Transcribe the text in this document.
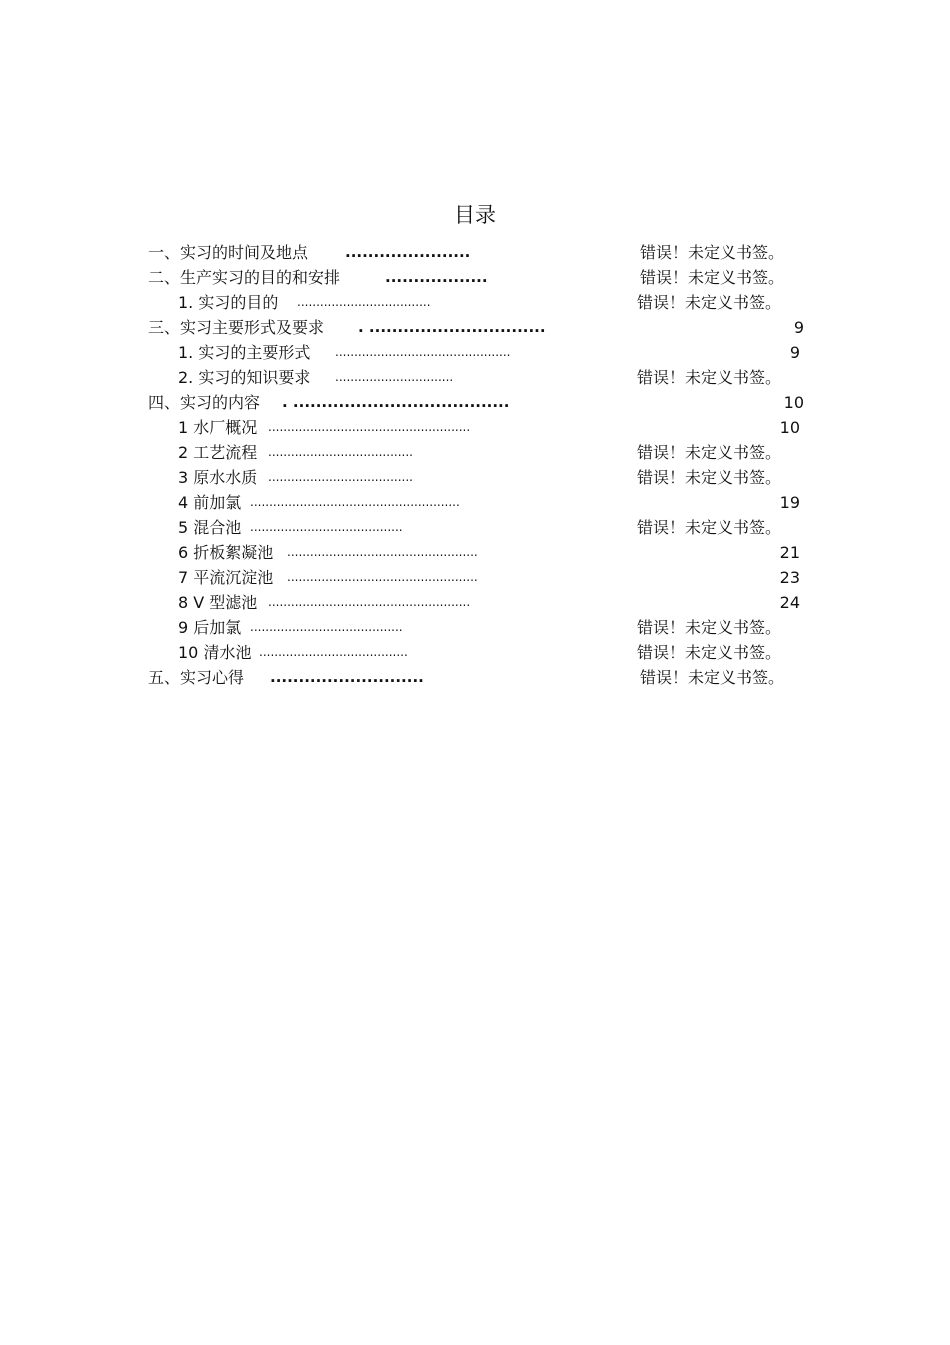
目录
一、实习的时间及地点 ......................	错误！未定义书签。
二、生产实习的目的和安排	..................	错误！未定义书签。
1. 实习的目的 ...................................	错误！未定义书签。
三、实习主要形式及要求 . ...............................	9
1. 实习的主要形式 ..............................................	9
2. 实习的知识要求 ...............................	错误！未定义书签。
四、实习的内容 . ......................................	10
1 水厂概况 .....................................................	10
2 工艺流程 ......................................	错误！未定义书签。
3 原水水质 ......................................	错误！未定义书签。
4 前加氯 .......................................................	19
5 混合池 ........................................	错误！未定义书签。
6 折板絮凝池 ..................................................	21
7 平流沉淀池 ..................................................	23
8 V 型滤池 .....................................................	24
9 后加氯 ........................................	错误！未定义书签。
10 清水池 .......................................	错误！未定义书签。
五、实习心得 ...........................	错误！未定义书签。
